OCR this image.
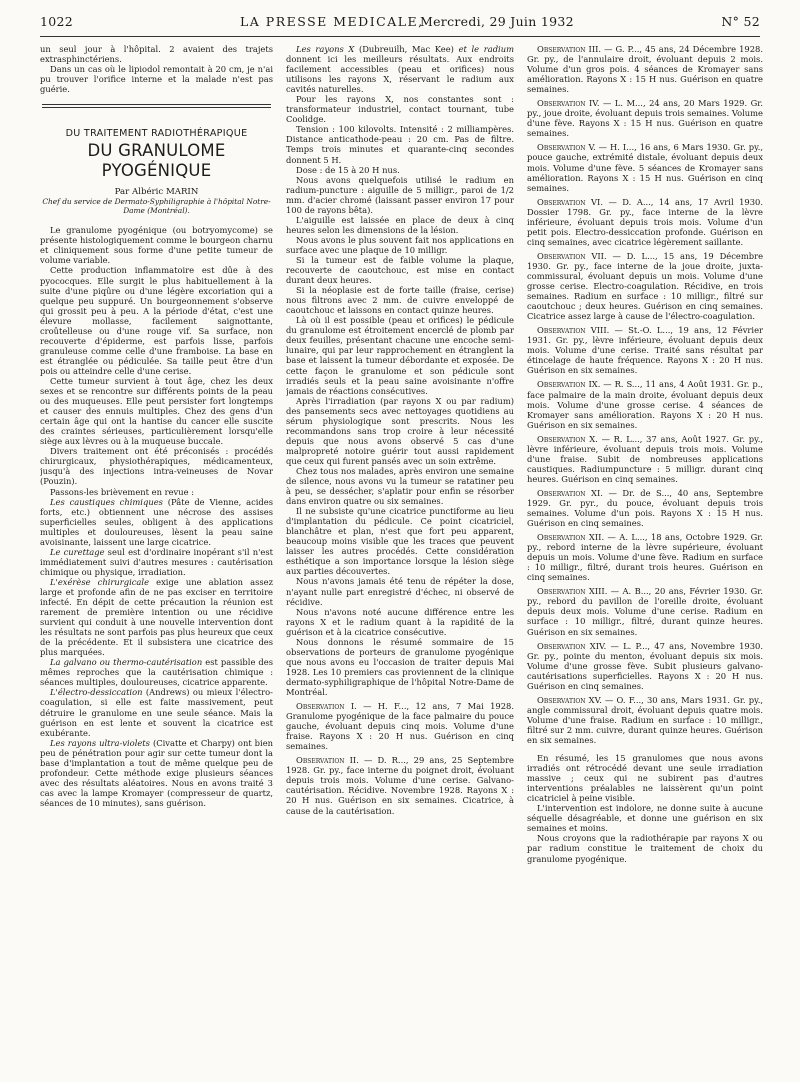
1022	LA PRESSE MEDICALE,
Mercredi, 29 Juin 1932	N° 52

un seul jour à l'hôpital. 2 avaient des trajets extrasphinctériens.

Dans un cas où le lipiodol remontait à 20 cm, je n'ai pu trouver l'orifice interne et la malade n'est pas guérie.

DU TRAITEMENT RADIOTHÉRAPIQUE

DU GRANULOME PYOGÉNIQUE

Par Albéric MARIN

Chef du service de Dermato-Syphiligraphie à l'hôpital Notre-Dame (Montréal).

Le granulome pyogénique (ou botryomycome) se présente histologiquement comme le bourgeon charnu et cliniquement sous forme d'une petite tumeur de volume variable.

Cette production inflammatoire est dûe à des pyococques. Elle surgit le plus habituellement à la suite d'une piqûre ou d'une légère excoriation qui a quelque peu suppuré. Un bourgeonnement s'observe qui grossit peu à peu. A la période d'état, c'est une élevure mollasse, facilement saignottante, croûtelleuse ou d'une rouge vif. Sa surface, non recouverte d'épiderme, est parfois lisse, parfois granuleuse comme celle d'une framboise. La base en est étranglée ou pédiculée. Sa taille peut être d'un pois ou atteindre celle d'une cerise.

Cette tumeur survient à tout âge, chez les deux sexes et se rencontre sur différents points de la peau ou des muqueuses. Elle peut persister fort longtemps et causer des ennuis multiples. Chez des gens d'un certain âge qui ont la hantise du cancer elle suscite des craintes sérieuses, particulièrement lorsqu'elle siège aux lèvres ou à la muqueuse buccale.

Divers traitement ont été préconisés : procédés chirurgicaux, physiothérapiques, médicamenteux, jusqu'à des injections intra-veineuses de Novar (Pouzin).

Passons-les brièvement en revue :

Les caustiques chimiques (Pâte de Vienne, acides forts, etc.) obtiennent une nécrose des assises superficielles seules, obligent à des applications multiples et douloureuses, lèsent la peau saine avoisinante, laissent une large cicatrice.

Le curettage seul est d'ordinaire inopérant s'il n'est immédiatement suivi d'autres mesures : cautérisation chimique ou physique, irradiation.

L'exérèse chirurgicale exige une ablation assez large et profonde afin de ne pas exciser en territoire infecté. En dépit de cette précaution la réunion est rarement de première intention ou une récidive survient qui conduit à une nouvelle intervention dont les résultats ne sont parfois pas plus heureux que ceux de la précédente. Et il subsistera une cicatrice des plus marquées.

La galvano ou thermo-cautérisation est passible des mêmes reproches que la cautérisation chimique : séances multiples, douloureuses, cicatrice apparente.

L'électro-dessiccation (Andrews) ou mieux l'électro-coagulation, si elle est faite massivement, peut détruire le granulome en une seule séance. Mais la guérison en est lente et souvent la cicatrice est exubérante.

Les rayons ultra-violets (Civatte et Charpy) ont bien peu de pénétration pour agir sur cette tumeur dont la base d'implantation a tout de même quelque peu de profondeur. Cette méthode exige plusieurs séances avec des résultats aléatoires. Nous en avons traité 3 cas avec la lampe Kromayer (compresseur de quartz, séances de 10 minutes), sans guérison.

Les rayons X (Dubreuilh, Mac Kee) et le radium donnent ici les meilleurs résultats. Aux endroits facilement accessibles (peau et orifices) nous utilisons les rayons X, réservant le radium aux cavités naturelles.

Pour les rayons X, nos constantes sont : transformateur industriel, contact tournant, tube Coolidge.

Tension : 100 kilovolts. Intensité : 2 milliampères. Distance anticathode-peau : 20 cm. Pas de filtre. Temps trois minutes et quarante-cinq secondes donnent 5 H.

Dose : de 15 à 20 H nus.

Nous avons quelquefois utilisé le radium en radium-puncture : aiguille de 5 milligr., paroi de 1/2 mm. d'acier chromé (laissant passer environ 17 pour 100 de rayons bêta).

L'aiguille est laissée en place de deux à cinq heures selon les dimensions de la lésion.

Nous avons le plus souvent fait nos applications en surface avec une plaque de 10 milligr.

Si la tumeur est de faible volume la plaque, recouverte de caoutchouc, est mise en contact durant deux heures.

Si la néoplasie est de forte taille (fraise, cerise) nous filtrons avec 2 mm. de cuivre enveloppé de caoutchouc et laissons en contact quinze heures.

Là où il est possible (peau et orifices) le pédicule du granulome est étroitement encerclé de plomb par deux feuilles, présentant chacune une encoche semi-lunaire, qui par leur rapprochement en étranglent la base et laissent la tumeur débordante et exposée. De cette façon le granulome et son pédicule sont irradiés seuls et la peau saine avoisinante n'offre jamais de réactions consécutives.

Après l'irradiation (par rayons X ou par radium) des pansements secs avec nettoyages quotidiens au sérum physiologique sont prescrits. Nous les recommandons sans trop croire à leur nécessité depuis que nous avons observé 5 cas d'une malpropreté notoire guérir tout aussi rapidement que ceux qui furent pansés avec un soin extrême.

Chez tous nos malades, après environ une semaine de silence, nous avons vu la tumeur se ratatiner peu à peu, se dessécher, s'aplatir pour enfin se résorber dans environ quatre ou six semaines.

Il ne subsiste qu'une cicatrice punctiforme au lieu d'implantation du pédicule. Ce point cicatriciel, blanchâtre et plan, n'est que fort peu apparent, beaucoup moins visible que les traces que peuvent laisser les autres procédés. Cette considération esthétique a son importance lorsque la lésion siège aux parties découvertes.

Nous n'avons jamais été tenu de répéter la dose, n'ayant nulle part enregistré d'échec, ni observé de récidive.

Nous n'avons noté aucune différence entre les rayons X et le radium quant à la rapidité de la guérison et à la cicatrice consécutive.

Nous donnons le résumé sommaire de 15 observations de porteurs de granulome pyogénique que nous avons eu l'occasion de traiter depuis Mai 1928. Les 10 premiers cas proviennent de la clinique dermato-syphiligraphique de l'hôpital Notre-Dame de Montréal.

Observation I. — H. F..., 12 ans, 7 Mai 1928. Granulome pyogénique de la face palmaire du pouce gauche, évoluant depuis cinq mois. Volume d'une fraise. Rayons X : 20 H nus. Guérison en cinq semaines.

Observation II. — D. R..., 29 ans, 25 Septembre 1928. Gr. py., face interne du poignet droit, évoluant depuis trois mois. Volume d'une cerise. Galvano-cautérisation. Récidive. Novembre 1928. Rayons X : 20 H nus. Guérison en six semaines. Cicatrice, à cause de la cautérisation.

Observation III. — G. P..., 45 ans, 24 Décembre 1928. Gr. py., de l'annulaire droit, évoluant depuis 2 mois. Volume d'un gros pois. 4 séances de Kromayer sans amélioration. Rayons X : 15 H nus. Guérison en quatre semaines.

Observation IV. — L. M..., 24 ans, 20 Mars 1929. Gr. py., joue droite, évoluant depuis trois semaines. Volume d'une fève. Rayons X : 15 H nus. Guérison en quatre semaines.

Observation V. — H. I..., 16 ans, 6 Mars 1930. Gr. py., pouce gauche, extrémité distale, évoluant depuis deux mois. Volume d'une fève. 5 séances de Kromayer sans amélioration. Rayons X : 15 H nus. Guérison en cinq semaines.

Observation VI. — D. A..., 14 ans, 17 Avril 1930. Dossier 1798. Gr. py., face interne de la lèvre inférieure, évoluant depuis trois mois. Volume d'un petit pois. Electro-dessiccation profonde. Guérison en cinq semaines, avec cicatrice légèrement saillante.

Observation VII. — D. L..., 15 ans, 19 Décembre 1930. Gr. py., face interne de la joue droite, juxta-commissural, évoluant depuis un mois. Volume d'une grosse cerise. Electro-coagulation. Récidive, en trois semaines. Radium en surface : 10 milligr., filtré sur caoutchouc ; deux heures. Guérison en cinq semaines. Cicatrice assez large à cause de l'électro-coagulation.

Observation VIII. — St.-O. L..., 19 ans, 12 Février 1931. Gr. py., lèvre inférieure, évoluant depuis deux mois. Volume d'une cerise. Traité sans résultat par étincelage de haute fréquence. Rayons X : 20 H nus. Guérison en six semaines.

Observation IX. — R. S..., 11 ans, 4 Août 1931. Gr. p., face palmaire de la main droite, évoluant depuis deux mois. Volume d'une grosse cerise. 4 séances de Kromayer sans amélioration. Rayons X : 20 H nus. Guérison en six semaines.

Observation X. — R. L..., 37 ans, Août 1927. Gr. py., lèvre inférieure, évoluant depuis trois mois. Volume d'une fraise. Subit de nombreuses applications caustiques. Radiumpuncture : 5 milligr. durant cinq heures. Guérison en cinq semaines.

Observation XI. — Dr. de S..., 40 ans, Septembre 1929. Gr. pyr., du pouce, évoluant depuis trois semaines. Volume d'un pois. Rayons X : 15 H nus. Guérison en cinq semaines.

Observation XII. — A. L..., 18 ans, Octobre 1929. Gr. py., rebord interne de la lèvre supérieure, évoluant depuis un mois. Volume d'une fève. Radium en surface : 10 milligr., filtré, durant trois heures. Guérison en cinq semaines.

Observation XIII. — A. B..., 20 ans, Février 1930. Gr. py., rebord du pavillon de l'oreille droite, évoluant depuis deux mois. Volume d'une cerise. Radium en surface : 10 milligr., filtré, durant quinze heures. Guérison en six semaines.

Observation XIV. — L. P..., 47 ans, Novembre 1930. Gr. py., pointe du menton, évoluant depuis six mois. Volume d'une grosse fève. Subit plusieurs galvano-cautérisations superficielles. Rayons X : 20 H nus. Guérison en cinq semaines.

Observation XV. — O. F..., 30 ans, Mars 1931. Gr. py., angle commissural droit, évoluant depuis quatre mois. Volume d'une fraise. Radium en surface : 10 milligr., filtré sur 2 mm. cuivre, durant quinze heures. Guérison en six semaines.

En résumé, les 15 granulomes que nous avons irradiés ont rétrocédé devant une seule irradiation massive ; ceux qui ne subirent pas d'autres interventions préalables ne laissèrent qu'un point cicatriciel à peine visible.

L'intervention est indolore, ne donne suite à aucune séquelle désagréable, et donne une guérison en six semaines et moins.

Nous croyons que la radiothérapie par rayons X ou par radium constitue le traitement de choix du granulome pyogénique.
